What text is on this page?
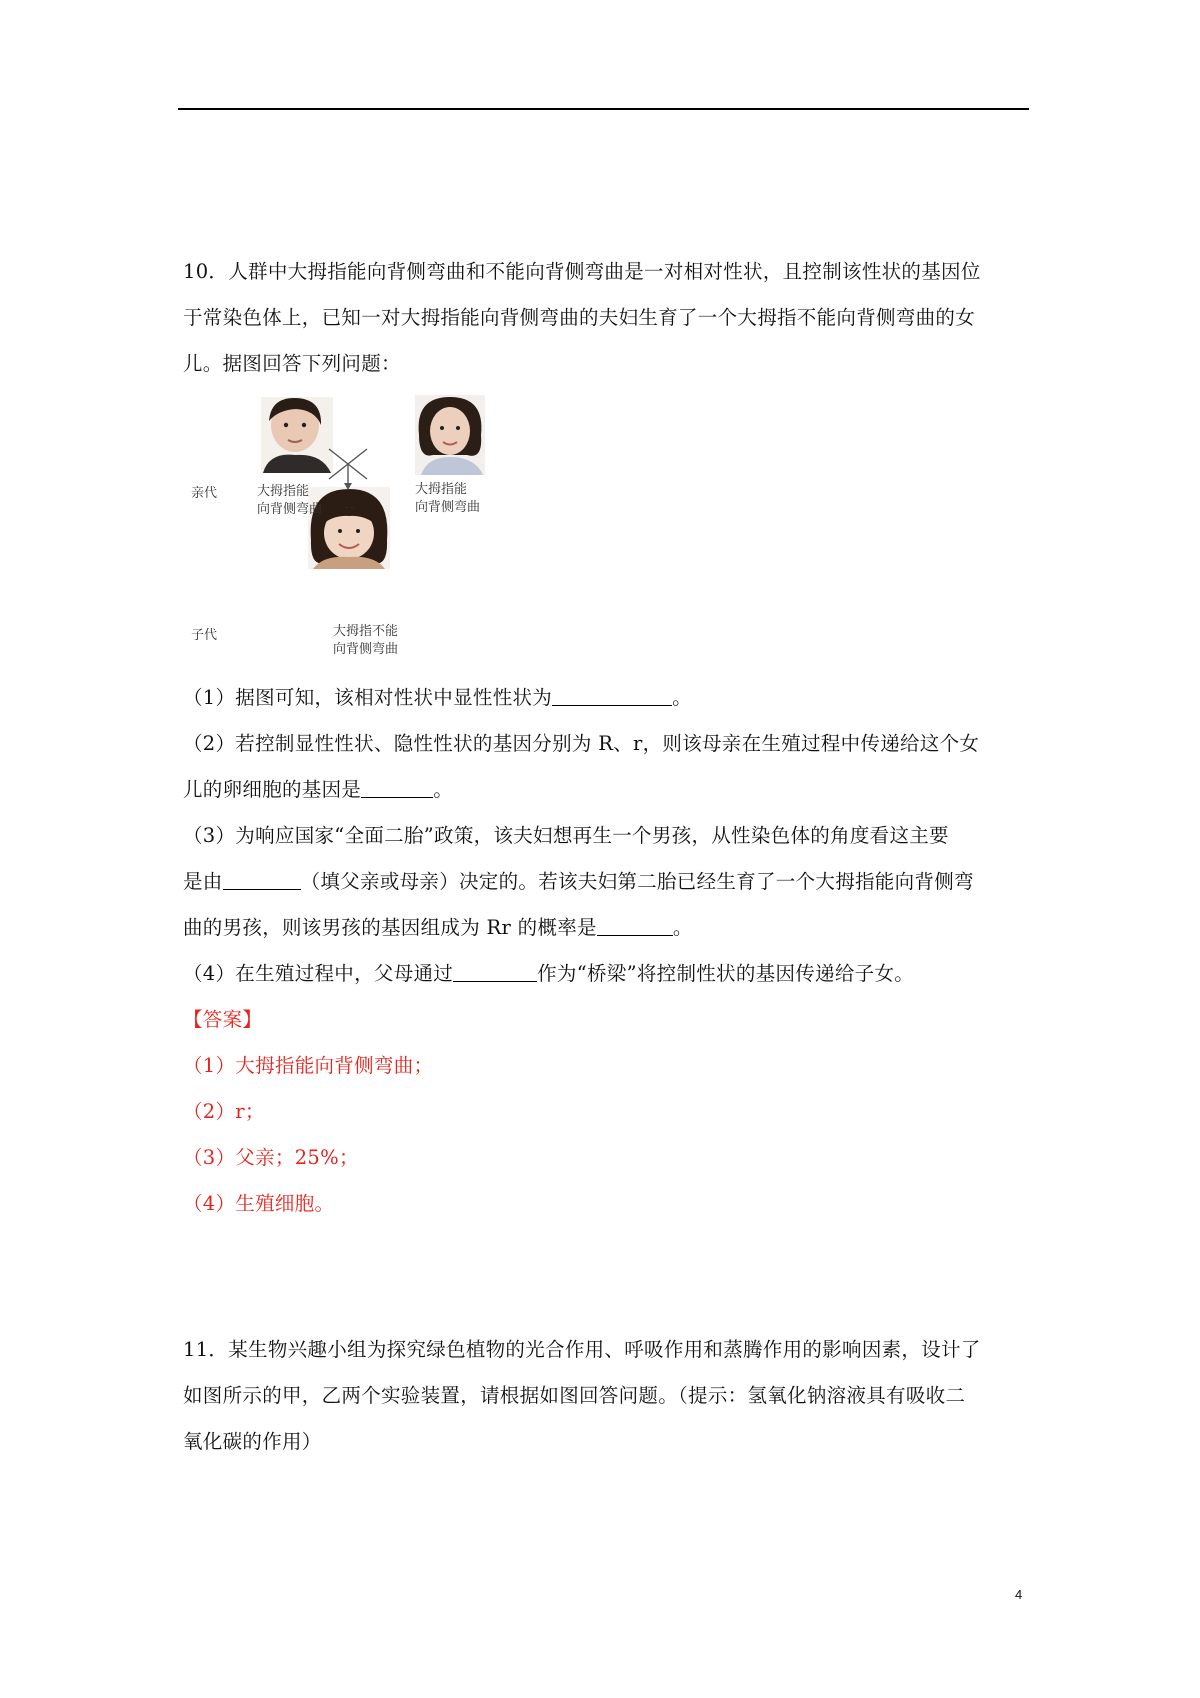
10．人群中大拇指能向背侧弯曲和不能向背侧弯曲是一对相对性状，且控制该性状的基因位
于常染色体上，已知一对大拇指能向背侧弯曲的夫妇生育了一个大拇指不能向背侧弯曲的女
儿。据图回答下列问题：
亲代
子代
大拇指能
向背侧弯曲
大拇指能
向背侧弯曲
大拇指不能
向背侧弯曲
（1）据图可知，该相对性状中显性性状为	。
（2）若控制显性性状、隐性性状的基因分别为 R、r，则该母亲在生殖过程中传递给这个女
儿的卵细胞的基因是	。
（3）为响应国家“全面二胎”政策，该夫妇想再生一个男孩，从性染色体的角度看这主要
是由	（填父亲或母亲）决定的。若该夫妇第二胎已经生育了一个大拇指能向背侧弯
曲的男孩，则该男孩的基因组成为 Rr 的概率是	。
（4）在生殖过程中，父母通过	作为“桥梁”将控制性状的基因传递给子女。
【答案】
（1）大拇指能向背侧弯曲；
（2）r；
（3）父亲；25%；
（4）生殖细胞。
11．某生物兴趣小组为探究绿色植物的光合作用、呼吸作用和蒸腾作用的影响因素，设计了
如图所示的甲，乙两个实验装置，请根据如图回答问题。（提示：氢氧化钠溶液具有吸收二
氧化碳的作用）
4
